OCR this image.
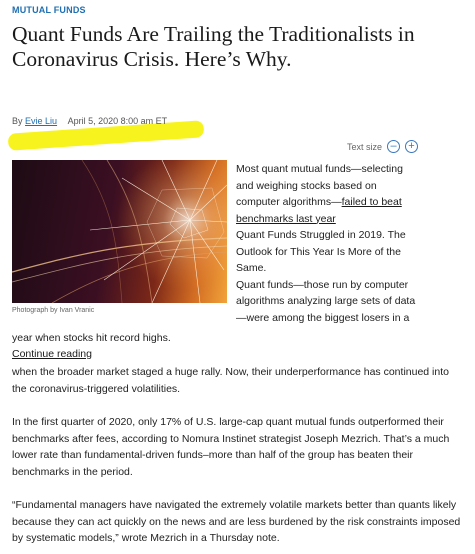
MUTUAL FUNDS
Quant Funds Are Trailing the Traditionalists in Coronavirus Crisis. Here’s Why.
By Evie Liu April 5, 2020 8:00 am ET
Text size –	+
Photograph by Ivan Vranic

Most quant mutual funds—selecting and weighing stocks based on computer algorithms—failed to beat benchmarks last year

Quant Funds Struggled in 2019. The Outlook for This Year Is More of the Same.

Quant funds—those run by computer algorithms analyzing large sets of data —were among the biggest losers in a

year when stocks hit record highs.

Continue reading

when the broader market staged a huge rally. Now, their underperformance has continued into the coronavirus-triggered volatilities.

In the first quarter of 2020, only 17% of U.S. large-cap quant mutual funds outperformed their benchmarks after fees, according to Nomura Instinet strategist Joseph Mezrich. That’s a much lower rate than fundamental-driven funds–more than half of the group has beaten their benchmarks in the period.

“Fundamental managers have navigated the extremely volatile markets better than quants likely because they can act quickly on the news and are less burdened by the risk constraints imposed by systematic models,” wrote Mezrich in a Thursday note.
